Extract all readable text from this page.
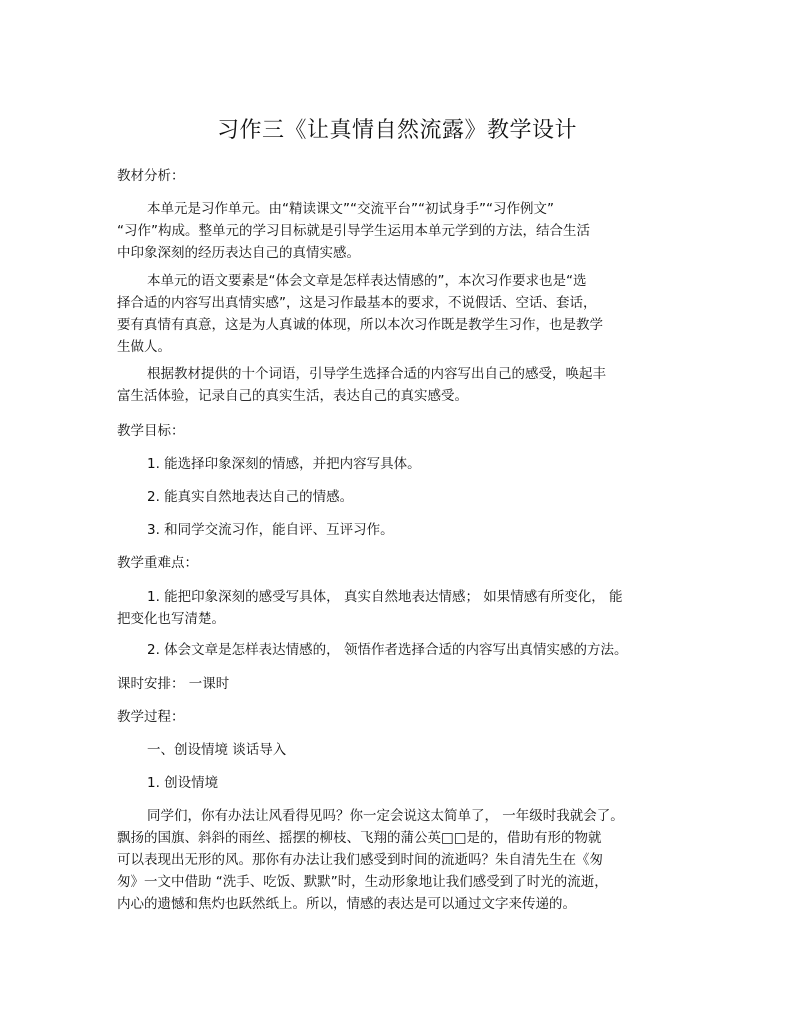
习作三《让真情自然流露》教学设计
教材分析：
本单元是习作单元。由“精读课文”“交流平台”“初试身手”“习作例文”
“习作”构成。整单元的学习目标就是引导学生运用本单元学到的方法，结合生活
中印象深刻的经历表达自己的真情实感。
本单元的语文要素是“体会文章是怎样表达情感的”，本次习作要求也是“选
择合适的内容写出真情实感”，这是习作最基本的要求，不说假话、空话、套话，
要有真情有真意，这是为人真诚的体现，所以本次习作既是教学生习作，也是教学
生做人。
根据教材提供的十个词语，引导学生选择合适的内容写出自己的感受，唤起丰
富生活体验，记录自己的真实生活，表达自己的真实感受。
教学目标：
1. 能选择印象深刻的情感，并把内容写具体。
2. 能真实自然地表达自己的情感。
3. 和同学交流习作，能自评、互评习作。
教学重难点：
1. 能把印象深刻的感受写具体， 真实自然地表达情感； 如果情感有所变化， 能
把变化也写清楚。
2. 体会文章是怎样表达情感的， 领悟作者选择合适的内容写出真情实感的方法。
课时安排： 一课时
教学过程：
一、创设情境 谈话导入
1. 创设情境
同学们，你有办法让风看得见吗？你一定会说这太简单了， 一年级时我就会了。
飘扬的国旗、斜斜的雨丝、摇摆的柳枝、飞翔的蒲公英□□是的，借助有形的物就
可以表现出无形的风。那你有办法让我们感受到时间的流逝吗？朱自清先生在《匆
匆》一文中借助 “洗手、吃饭、默默”时，生动形象地让我们感受到了时光的流逝，
内心的遗憾和焦灼也跃然纸上。所以，情感的表达是可以通过文字来传递的。
